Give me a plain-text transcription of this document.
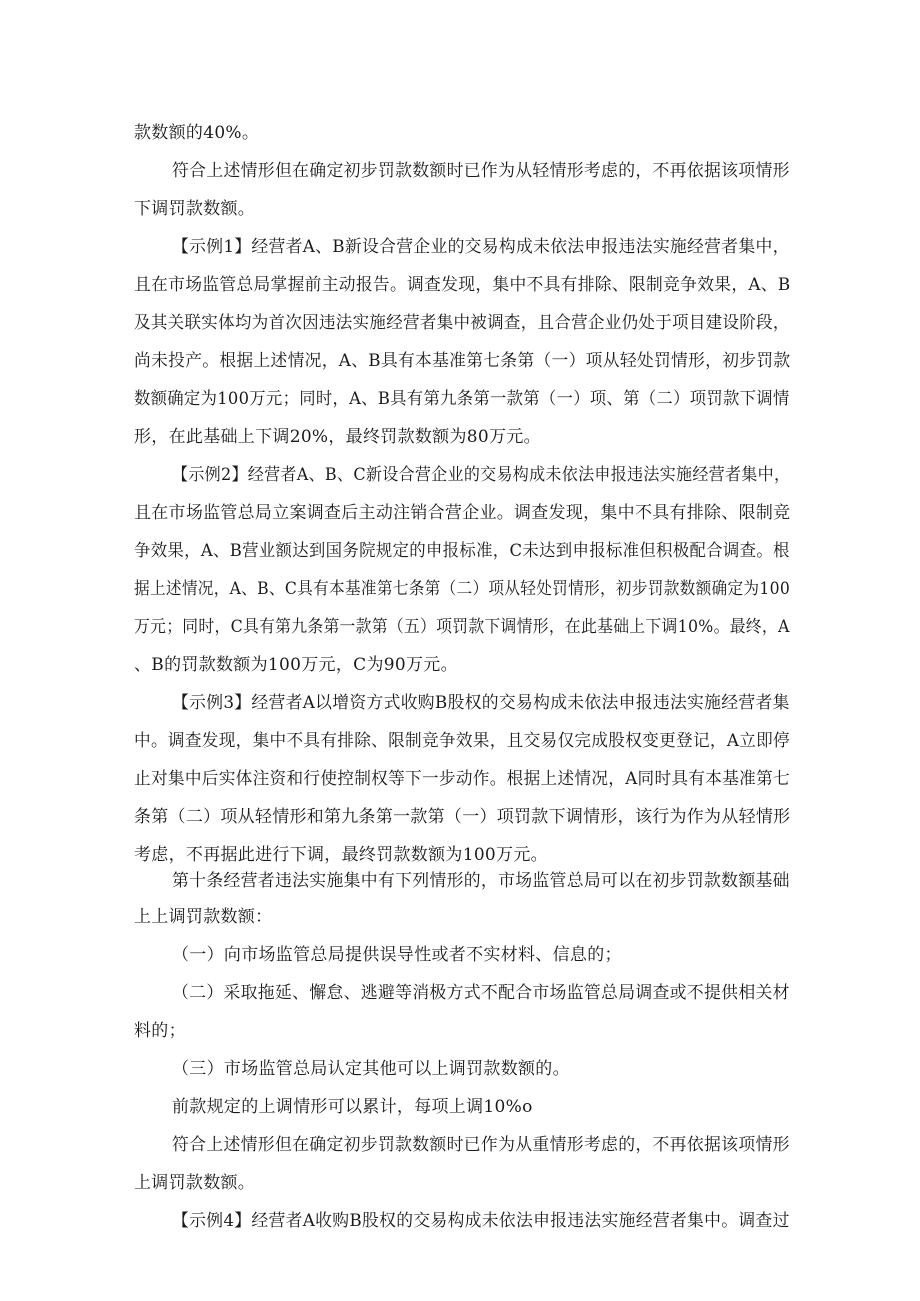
款数额的40%。
符合上述情形但在确定初步罚款数额时已作为从轻情形考虑的，不再依据该项情形
下调罚款数额。
【示例1】经营者A、B新设合营企业的交易构成未依法申报违法实施经营者集中，
且在市场监管总局掌握前主动报告。调查发现，集中不具有排除、限制竞争效果，A、B
及其关联实体均为首次因违法实施经营者集中被调查，且合营企业仍处于项目建设阶段，
尚未投产。根据上述情况，A、B具有本基准第七条第（一）项从轻处罚情形，初步罚款
数额确定为100万元；同时，A、B具有第九条第一款第（一）项、第（二）项罚款下调情
形，在此基础上下调20%，最终罚款数额为80万元。
【示例2】经营者A、B、C新设合营企业的交易构成未依法申报违法实施经营者集中，
且在市场监管总局立案调查后主动注销合营企业。调查发现，集中不具有排除、限制竞
争效果，A、B营业额达到国务院规定的申报标准，C未达到申报标准但积极配合调查。根
据上述情况，A、B、C具有本基准第七条第（二）项从轻处罚情形，初步罚款数额确定为100
万元；同时，C具有第九条第一款第（五）项罚款下调情形，在此基础上下调10%。最终，A
、B的罚款数额为100万元，C为90万元。
【示例3】经营者A以增资方式收购B股权的交易构成未依法申报违法实施经营者集
中。调查发现，集中不具有排除、限制竞争效果，且交易仅完成股权变更登记，A立即停
止对集中后实体注资和行使控制权等下一步动作。根据上述情况，A同时具有本基准第七
条第（二）项从轻情形和第九条第一款第（一）项罚款下调情形，该行为作为从轻情形
考虑，不再据此进行下调，最终罚款数额为100万元。
第十条经营者违法实施集中有下列情形的，市场监管总局可以在初步罚款数额基础
上上调罚款数额：
（一）向市场监管总局提供误导性或者不实材料、信息的；
（二）采取拖延、懈怠、逃避等消极方式不配合市场监管总局调查或不提供相关材
料的；
（三）市场监管总局认定其他可以上调罚款数额的。
前款规定的上调情形可以累计，每项上调10%o
符合上述情形但在确定初步罚款数额时已作为从重情形考虑的，不再依据该项情形
上调罚款数额。
【示例4】经营者A收购B股权的交易构成未依法申报违法实施经营者集中。调查过
